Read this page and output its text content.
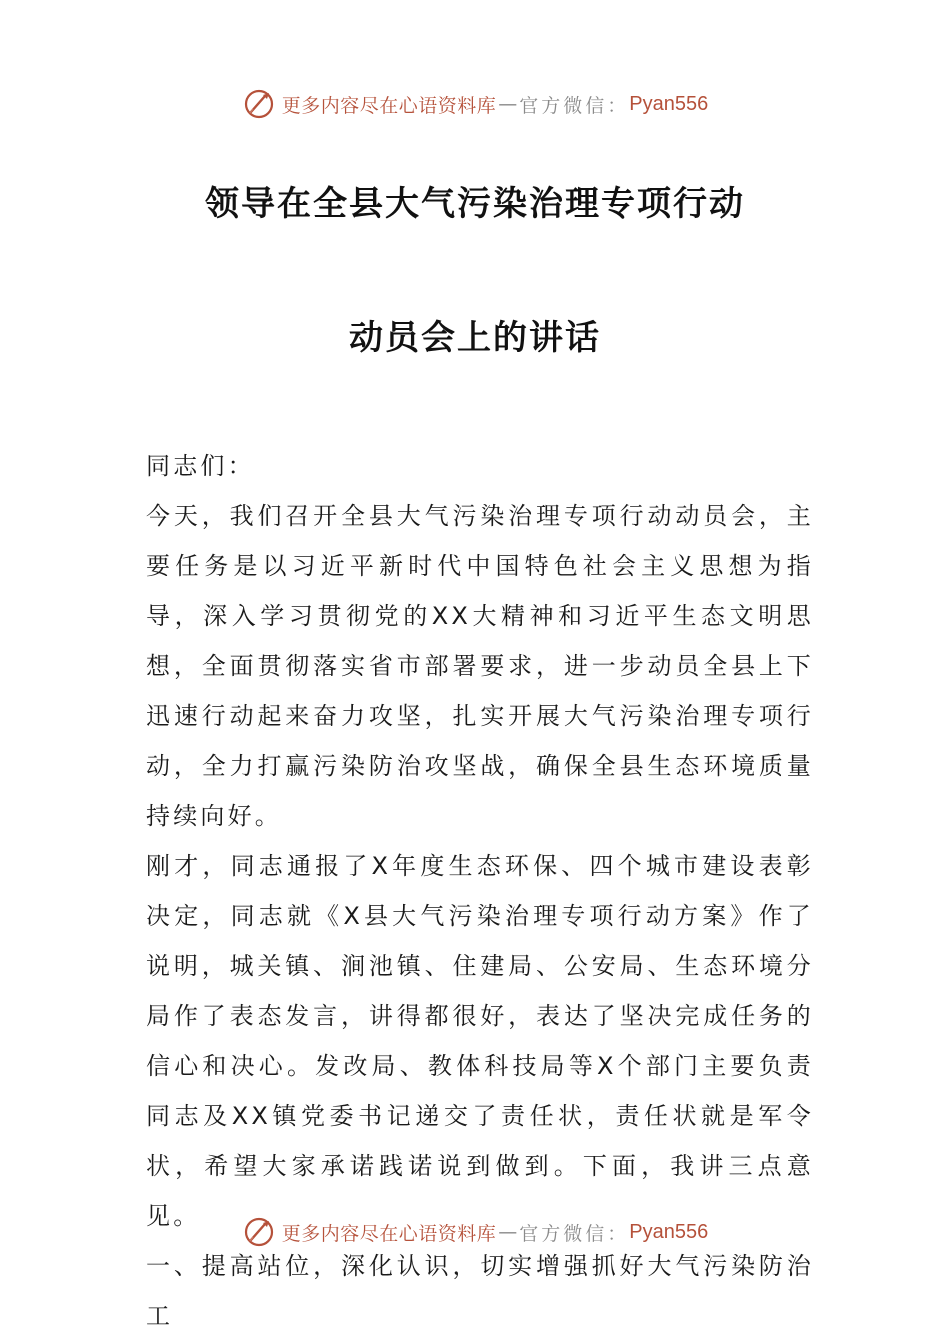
更多内容尽在心语资料库 — 官方微信： Pyan556
领导在全县大气污染治理专项行动
动员会上的讲话

同志们：

今天，我们召开全县大气污染治理专项行动动员会，主要任务是以习近平新时代中国特色社会主义思想为指导，深入学习贯彻党的XX大精神和习近平生态文明思想，全面贯彻落实省市部署要求，进一步动员全县上下迅速行动起来奋力攻坚，扎实开展大气污染治理专项行动，全力打赢污染防治攻坚战，确保全县生态环境质量持续向好。

刚才，同志通报了X年度生态环保、四个城市建设表彰决定，同志就《X县大气污染治理专项行动方案》作了说明，城关镇、涧池镇、住建局、公安局、生态环境分局作了表态发言，讲得都很好，表达了坚决完成任务的信心和决心。发改局、教体科技局等X个部门主要负责同志及XX镇党委书记递交了责任状，责任状就是军令状，希望大家承诺践诺说到做到。下面，我讲三点意见。

一、提高站位，深化认识，切实增强抓好大气污染防治工

更多内容尽在心语资料库 — 官方微信： Pyan556
